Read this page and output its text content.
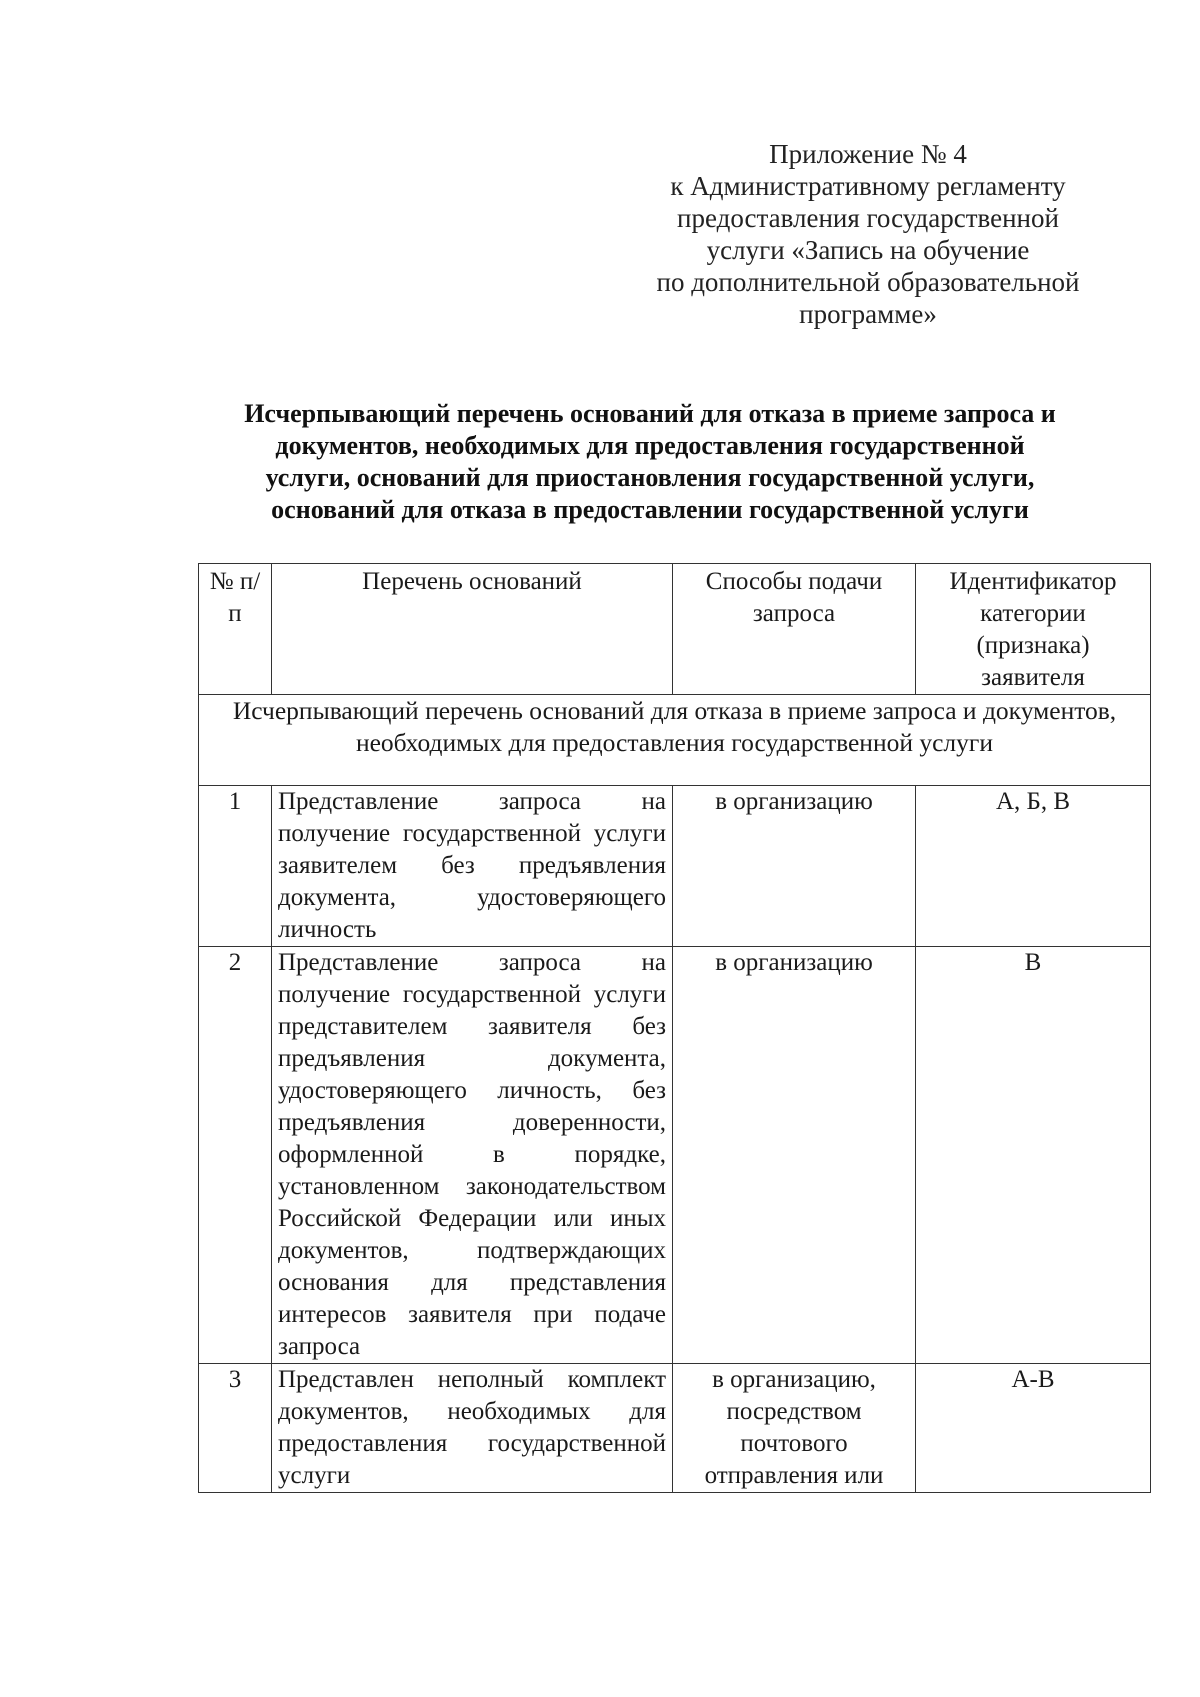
Приложение № 4
к Административному регламенту
предоставления государственной
услуги «Запись на обучение
по дополнительной образовательной
программе»
Исчерпывающий перечень оснований для отказа в приеме запроса и
документов, необходимых для предоставления государственной
услуги, оснований для приостановления государственной услуги,
оснований для отказа в предоставлении государственной услуги
№ п/п	Перечень оснований	Способы подачи запроса	Идентификатор категории (признака) заявителя
Исчерпывающий перечень оснований для отказа в приеме запроса и документов, необходимых для предоставления государственной услуги			
1	Представление запроса на получение государственной услуги заявителем без предъявления документа, удостоверяющего личность	в организацию	А, Б, В
2	Представление запроса на получение государственной услуги представителем заявителя без предъявления документа, удостоверяющего личность, без предъявления доверенности, оформленной в порядке, установленном законодательством Российской Федерации или иных документов, подтверждающих основания для представления интересов заявителя при подаче запроса	в организацию	В
3	Представлен неполный комплект документов, необходимых для предоставления государственной услуги	в организацию, посредством почтового отправления или	А-В
